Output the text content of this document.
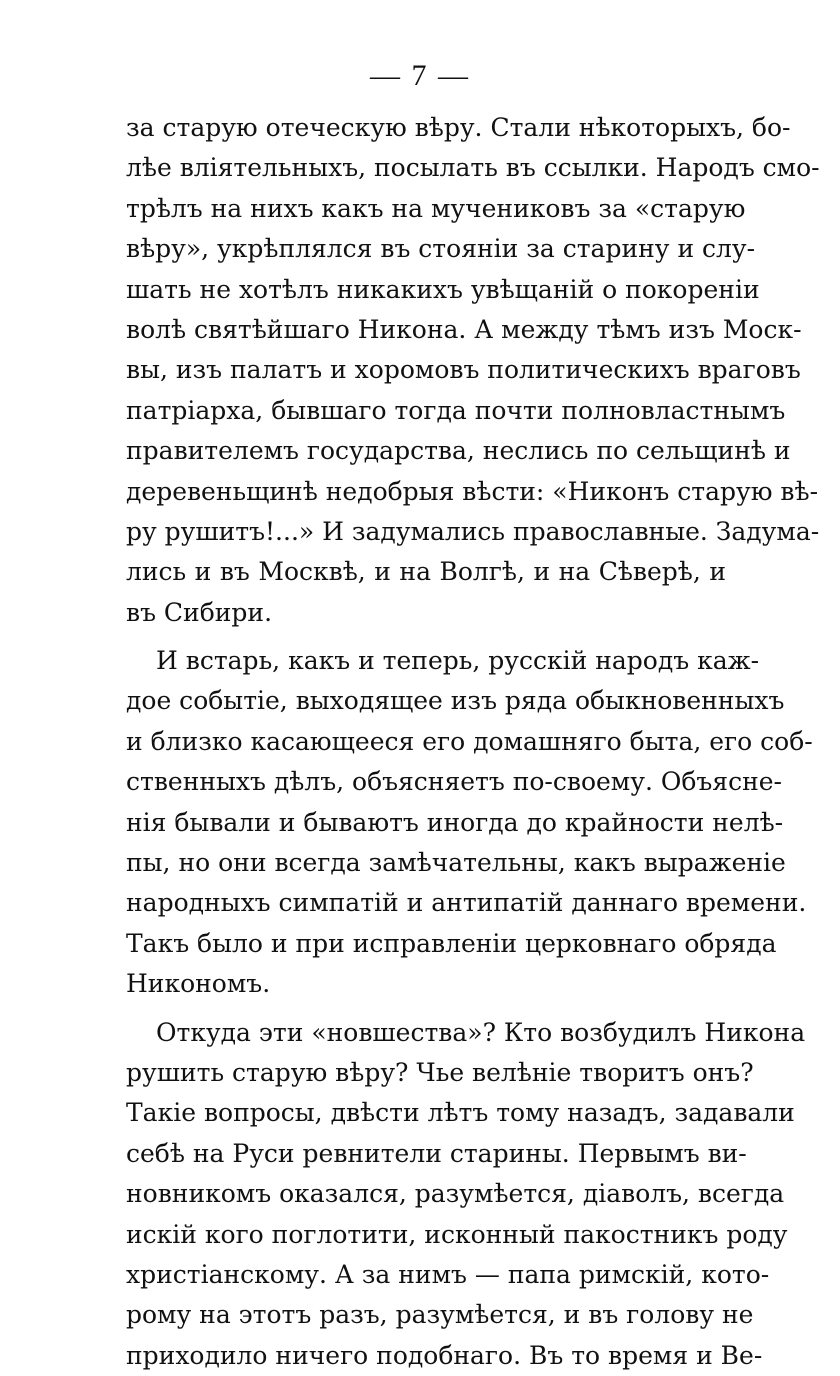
— 7 —
за старую отеческую вѣру. Стали нѣкоторыхъ, бо-
лѣе вліятельныхъ, посылать въ ссылки. Народъ смо-
трѣлъ на нихъ какъ на мучениковъ за «старую
вѣру», укрѣплялся въ стояніи за старину и слу-
шать не хотѣлъ никакихъ увѣщаній о покореніи
волѣ святѣйшаго Никона. А между тѣмъ изъ Моск-
вы, изъ палатъ и хоромовъ политическихъ враговъ
патріарха, бывшаго тогда почти полновластнымъ
правителемъ государства, неслись по сельщинѣ и
деревеньщинѣ недобрыя вѣсти: «Никонъ старую вѣ-
ру рушитъ!...» И задумались православные. Задума-
лись и въ Москвѣ, и на Волгѣ, и на Сѣверѣ, и
въ Сибири.
И встарь, какъ и теперь, русскій народъ каж-
дое событіе, выходящее изъ ряда обыкновенныхъ
и близко касающееся его домашняго быта, его соб-
ственныхъ дѣлъ, объясняетъ по-своему. Объясне-
нія бывали и бываютъ иногда до крайности нелѣ-
пы, но они всегда замѣчательны, какъ выраженіе
народныхъ симпатій и антипатій даннаго времени.
Такъ было и при исправленіи церковнаго обряда
Никономъ.
Откуда эти «новшества»? Кто возбудилъ Никона
рушить старую вѣру? Чье велѣніе творитъ онъ?
Такіе вопросы, двѣсти лѣтъ тому назадъ, задавали
себѣ на Руси ревнители старины. Первымъ ви-
новникомъ оказался, разумѣется, діаволъ, всегда
искій кого поглотити, исконный пакостникъ роду
христіанскому. А за нимъ — папа римскій, кото-
рому на этотъ разъ, разумѣется, и въ голову не
приходило ничего подобнаго. Въ то время и Ве-
